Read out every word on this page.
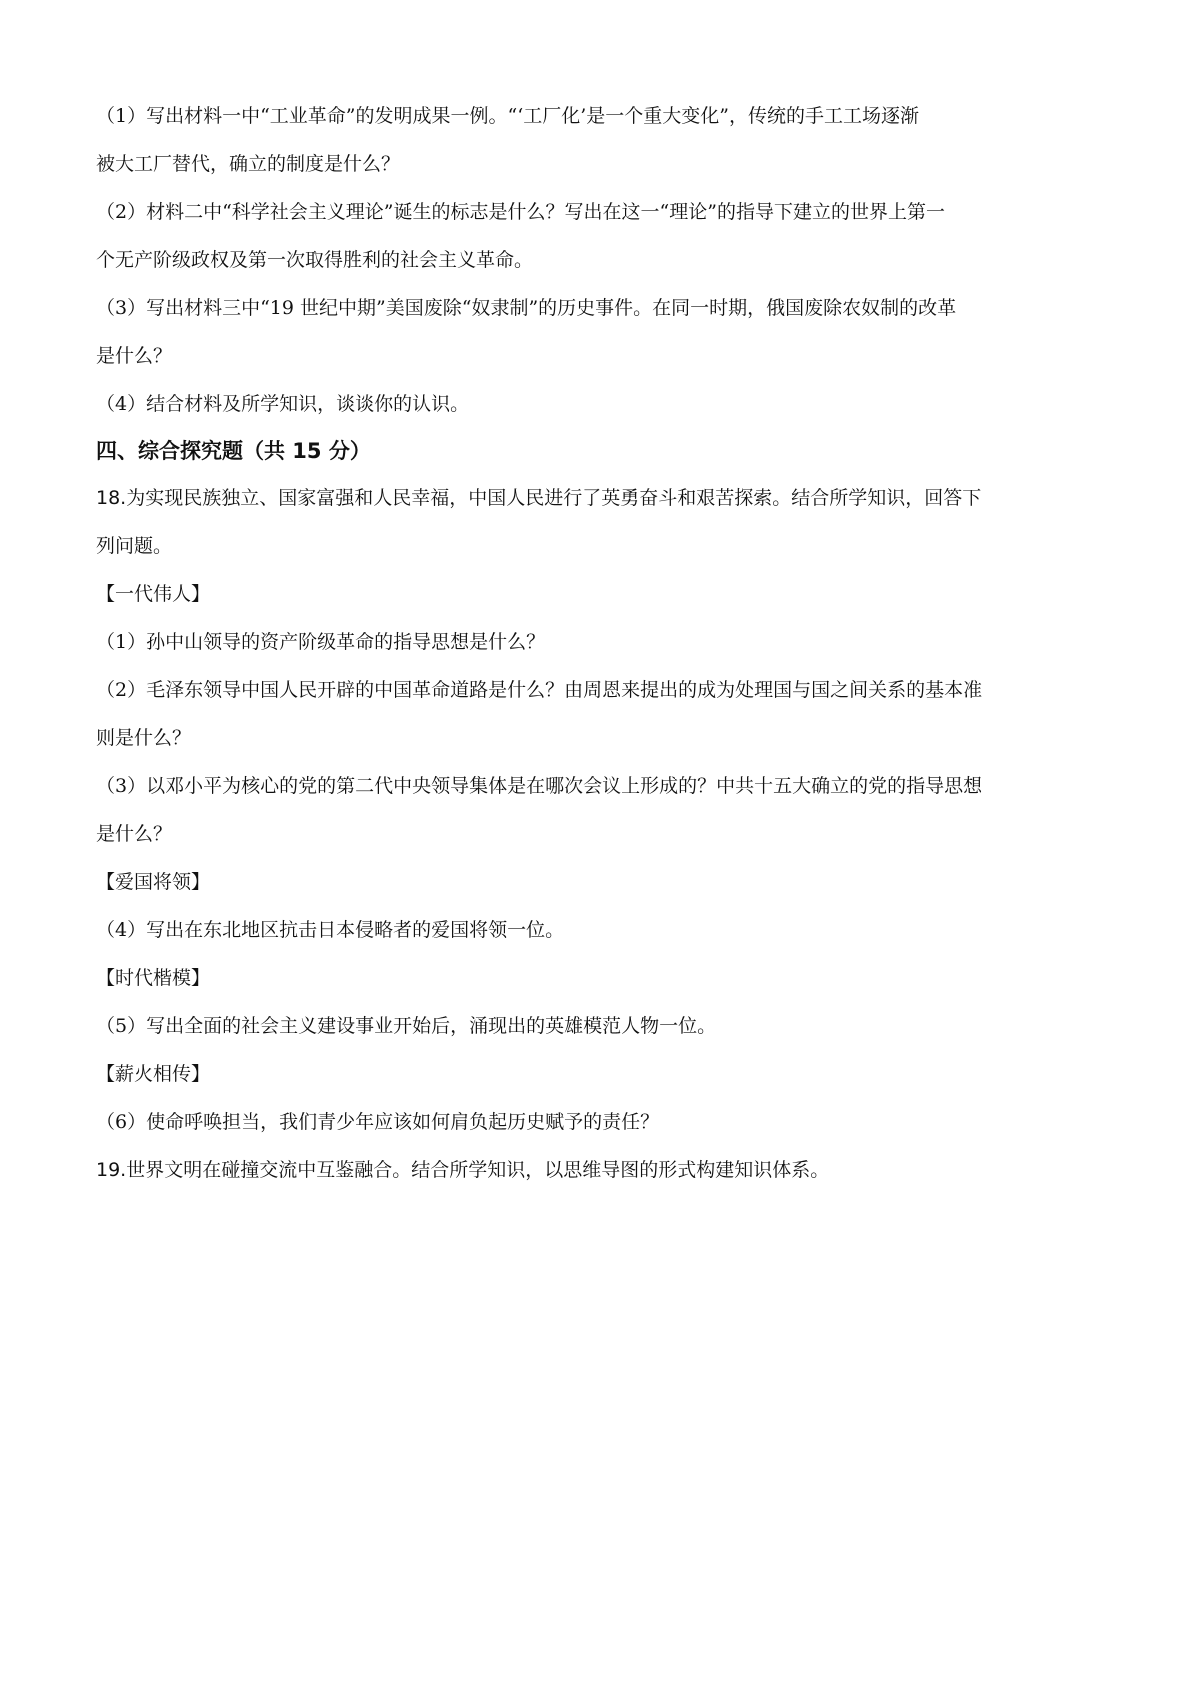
（1）写出材料一中“工业革命”的发明成果一例。“‘工厂化’是一个重大变化”，传统的手工工场逐渐

被大工厂替代，确立的制度是什么？

（2）材料二中“科学社会主义理论”诞生的标志是什么？写出在这一“理论”的指导下建立的世界上第一

个无产阶级政权及第一次取得胜利的社会主义革命。

（3）写出材料三中“19 世纪中期”美国废除“奴隶制”的历史事件。在同一时期，俄国废除农奴制的改革

是什么？

（4）结合材料及所学知识，谈谈你的认识。

四、综合探究题（共 15 分）

18.为实现民族独立、国家富强和人民幸福，中国人民进行了英勇奋斗和艰苦探索。结合所学知识，回答下

列问题。

【一代伟人】

（1）孙中山领导的资产阶级革命的指导思想是什么？

（2）毛泽东领导中国人民开辟的中国革命道路是什么？由周恩来提出的成为处理国与国之间关系的基本准

则是什么？

（3）以邓小平为核心的党的第二代中央领导集体是在哪次会议上形成的？中共十五大确立的党的指导思想

是什么？

【爱国将领】

（4）写出在东北地区抗击日本侵略者的爱国将领一位。

【时代楷模】

（5）写出全面的社会主义建设事业开始后，涌现出的英雄模范人物一位。

【薪火相传】

（6）使命呼唤担当，我们青少年应该如何肩负起历史赋予的责任？

19.世界文明在碰撞交流中互鉴融合。结合所学知识，以思维导图的形式构建知识体系。
